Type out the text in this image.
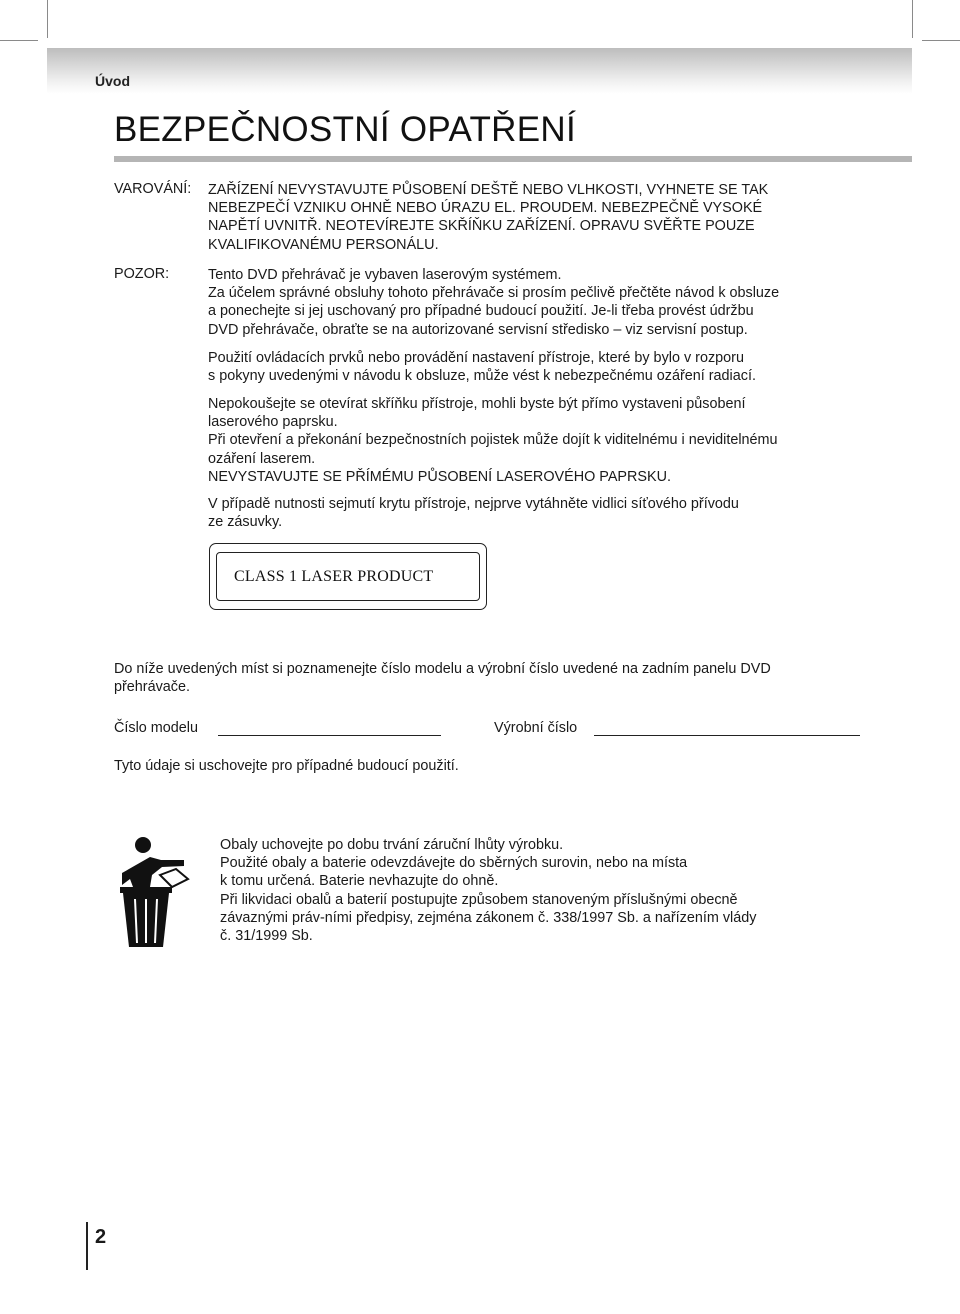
Úvod
BEZPEČNOSTNÍ OPATŘENÍ
VAROVÁNÍ: ZAŘÍZENÍ NEVYSTAVUJTE PŮSOBENÍ DEŠTĚ NEBO VLHKOSTI, VYHNETE SE TAK
NEBEZPEČÍ VZNIKU OHNĚ NEBO ÚRAZU EL. PROUDEM. NEBEZPEČNĚ VYSOKÉ
NAPĚTÍ UVNITŘ. NEOTEVÍREJTE SKŘÍŇKU ZAŘÍZENÍ. OPRAVU SVĚŘTE POUZE
KVALIFIKOVANÉMU PERSONÁLU.
POZOR:	Tento DVD přehrávač je vybaven laserovým systémem.
Za účelem správné obsluhy tohoto přehrávače si prosím pečlivě přečtěte návod k obsluze
a ponechejte si jej uschovaný pro případné budoucí použití. Je-li třeba provést údržbu
DVD přehrávače, obraťte se na autorizované servisní středisko – viz servisní postup.
Použití ovládacích prvků nebo provádění nastavení přístroje, které by bylo v rozporu
s pokyny uvedenými v návodu k obsluze, může vést k nebezpečnému ozáření radiací.
Nepokoušejte se otevírat skříňku přístroje, mohli byste být přímo vystaveni působení
laserového paprsku.
Při otevření a překonání bezpečnostních pojistek může dojít k viditelnému i neviditelnému
ozáření laserem.
NEVYSTAVUJTE SE PŘÍMÉMU PŮSOBENÍ LASEROVÉHO PAPRSKU.
V případě nutnosti sejmutí krytu přístroje, nejprve vytáhněte vidlici síťového přívodu
ze zásuvky.
CLASS 1 LASER PRODUCT
Do níže uvedených míst si poznamenejte číslo modelu a výrobní číslo uvedené na zadním panelu DVD
přehrávače.
Číslo modelu	Výrobní číslo
Tyto údaje si uschovejte pro případné budoucí použití.
Obaly uchovejte po dobu trvání záruční lhůty výrobku.
Použité obaly a baterie odevzdávejte do sběrných surovin, nebo na místa
k tomu určená. Baterie nevhazujte do ohně.
Při likvidaci obalů a baterií postupujte způsobem stanoveným příslušnými obecně
závaznými práv-ními předpisy, zejména zákonem č. 338/1997 Sb. a nařízením vlády
č. 31/1999 Sb.
2
